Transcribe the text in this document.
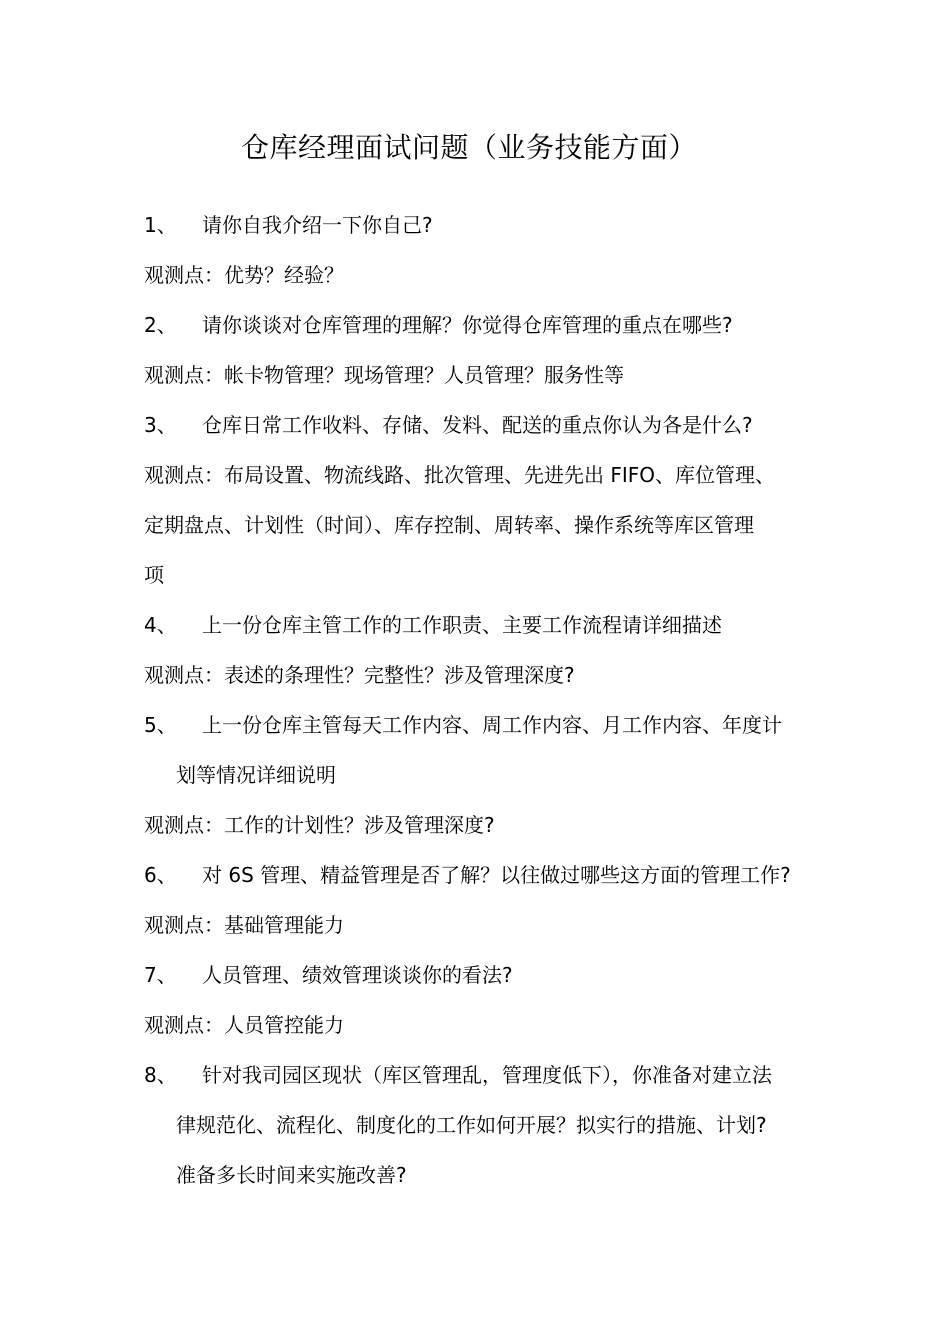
仓库经理面试问题（业务技能方面）
1、 请你自我介绍一下你自己?
观测点：优势？经验？
2、 请你谈谈对仓库管理的理解？你觉得仓库管理的重点在哪些?
观测点：帐卡物管理？现场管理？人员管理？服务性等
3、 仓库日常工作收料、存储、发料、配送的重点你认为各是什么?
观测点：布局设置、物流线路、批次管理、先进先出 FIFO、库位管理、
定期盘点、计划性（时间）、库存控制、周转率、操作系统等库区管理
项
4、 上一份仓库主管工作的工作职责、主要工作流程请详细描述
观测点：表述的条理性？完整性？涉及管理深度?
5、 上一份仓库主管每天工作内容、周工作内容、月工作内容、年度计
划等情况详细说明
观测点：工作的计划性？涉及管理深度?
6、 对 6S 管理、精益管理是否了解？以往做过哪些这方面的管理工作?
观测点：基础管理能力
7、 人员管理、绩效管理谈谈你的看法?
观测点：人员管控能力
8、 针对我司园区现状（库区管理乱，管理度低下），你准备对建立法
律规范化、流程化、制度化的工作如何开展？拟实行的措施、计划?
准备多长时间来实施改善?
